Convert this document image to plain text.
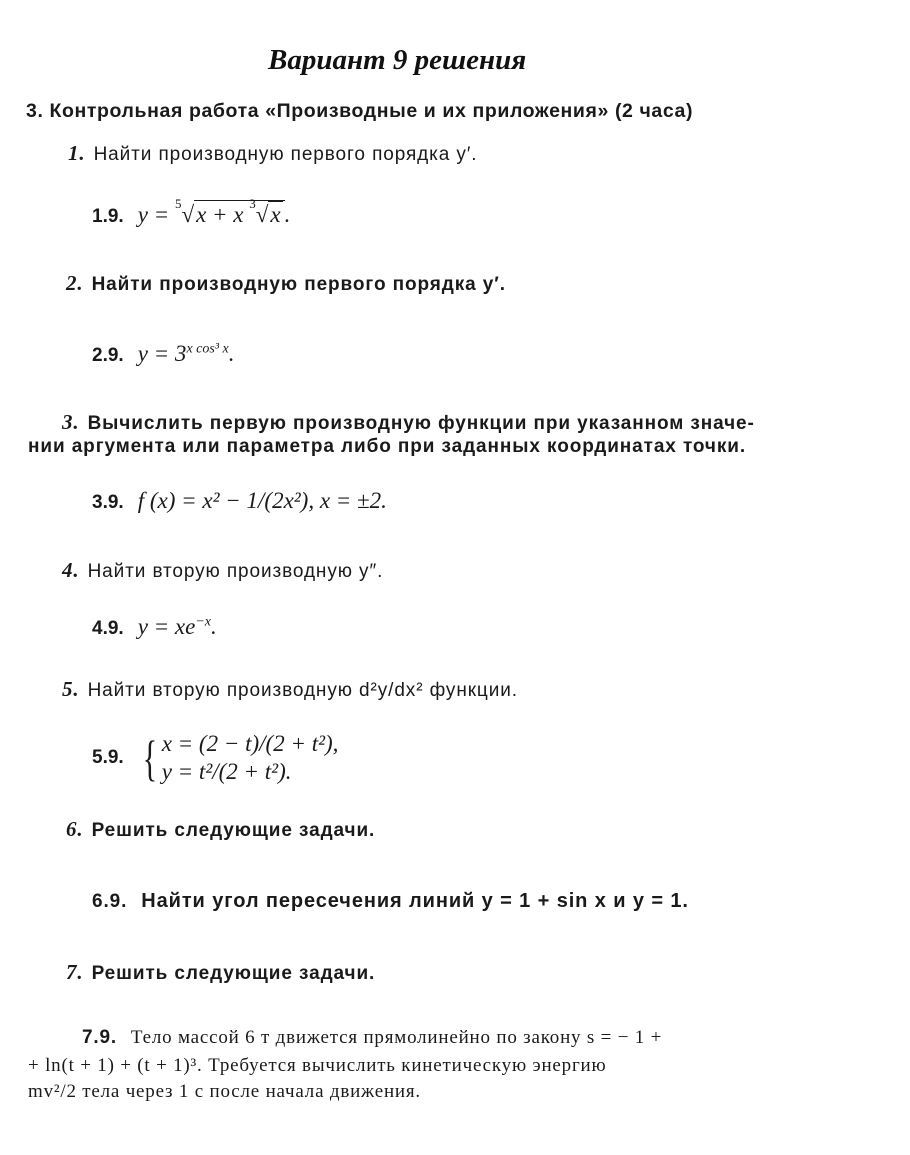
Вариант 9 решения
3. Контрольная работа «Производные и их приложения» (2 часа)
1. Найти производную первого порядка y′.
1.9. y = $^5$√x + x $^3$√x .
2. Найти производную первого порядка y′.
2.9. $y = 3^{x cos^3 x}$.
3. Вычислить первую производную функции при указанном значе-
нии аргумента или параметра либо при заданных координатах точки.
3.9. f (x) = x² − 1/(2x²), x = ±2.
4. Найти вторую производную y″.
4.9. $y = xe^{-x}$.
5. Найти вторую производную d²y/dx² функции.
5.9. { x = (2 − t)/(2 + t²),
y = t²/(2 + t²).
6. Решить следующие задачи.
6.9. Найти угол пересечения линий y = 1 + sin x и y = 1.
7. Решить следующие задачи.
7.9. Тело массой 6 т движется прямолинейно по закону s = − 1 +
+ ln(t + 1) + (t + 1)³. Требуется вычислить кинетическую энергию
mv²/2 тела через 1 с после начала движения.
